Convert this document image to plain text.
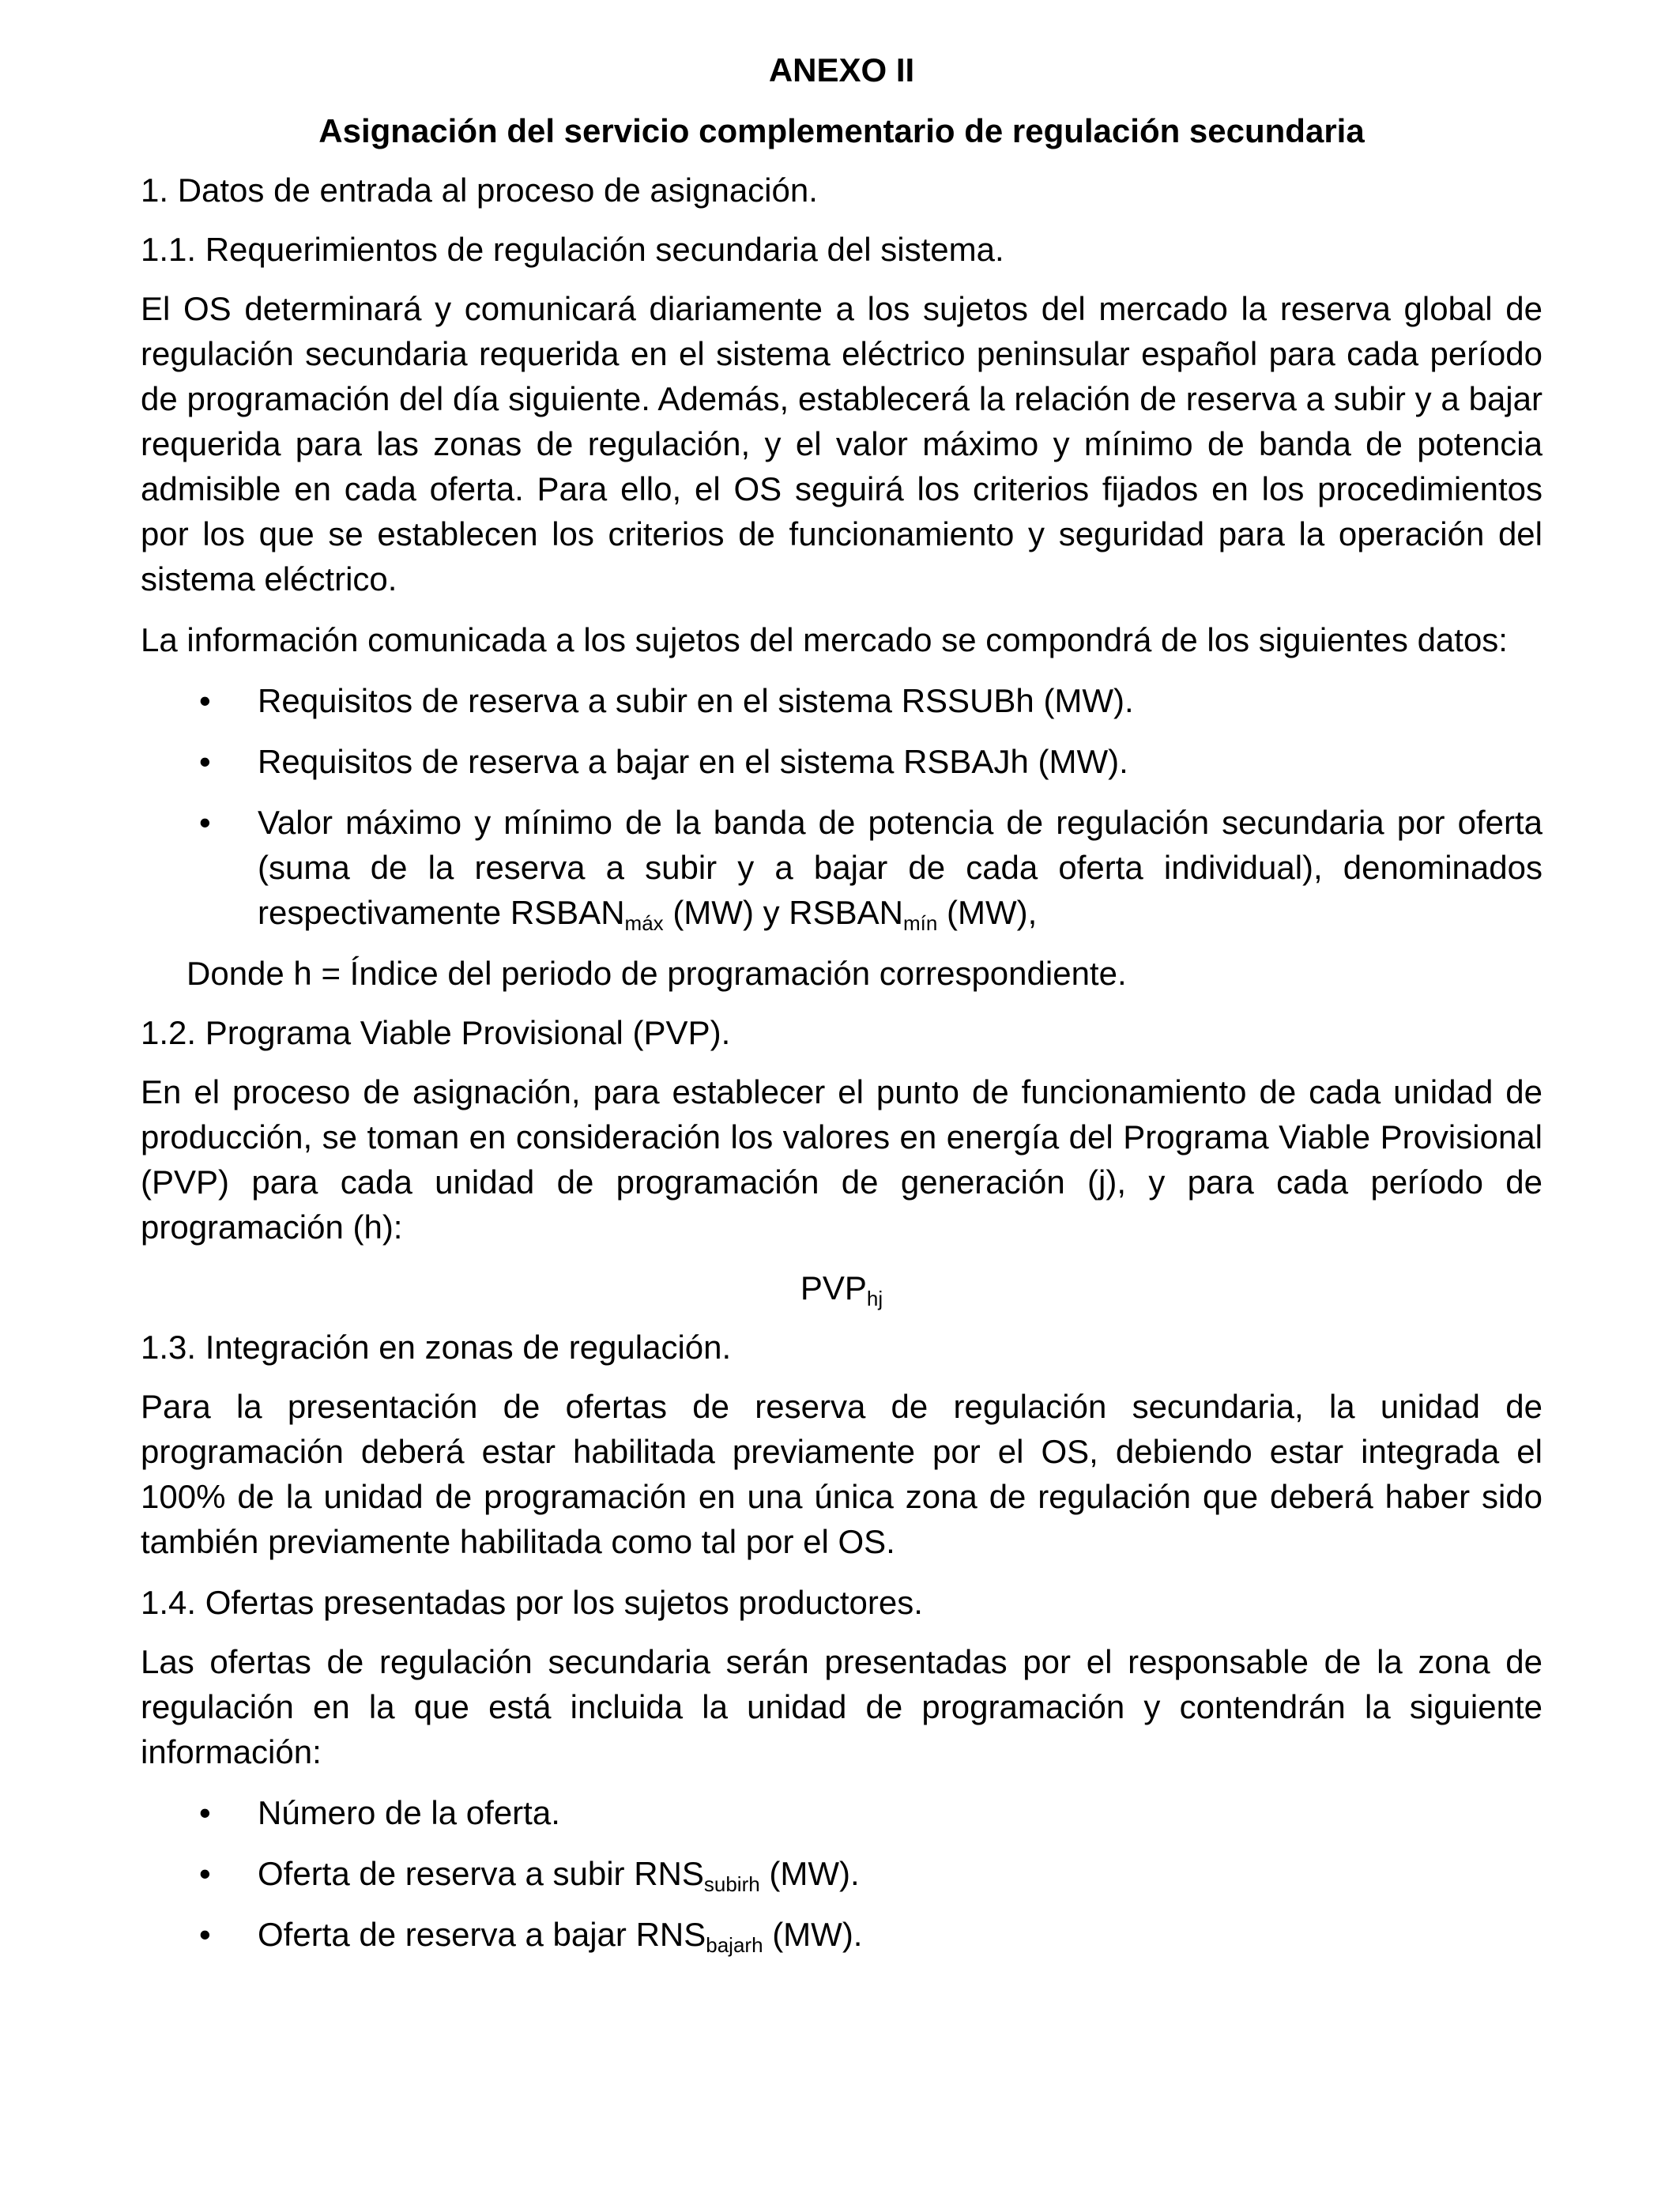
ANEXO II

Asignación del servicio complementario de regulación secundaria

1. Datos de entrada al proceso de asignación.

1.1. Requerimientos de regulación secundaria del sistema.

El OS determinará y comunicará diariamente a los sujetos del mercado la reserva global de regulación secundaria requerida en el sistema eléctrico peninsular español para cada período de programación del día siguiente. Además, establecerá la relación de reserva a subir y a bajar requerida para las zonas de regulación, y el valor máximo y mínimo de banda de potencia admisible en cada oferta. Para ello, el OS seguirá los criterios fijados en los procedimientos por los que se establecen los criterios de funcionamiento y seguridad para la operación del sistema eléctrico.

La información comunicada a los sujetos del mercado se compondrá de los siguientes datos:

• Requisitos de reserva a subir en el sistema RSSUBh (MW).
• Requisitos de reserva a bajar en el sistema RSBAJh (MW).
• Valor máximo y mínimo de la banda de potencia de regulación secundaria por oferta (suma de la reserva a subir y a bajar de cada oferta individual), denominados respectivamente $RSBAN_{máx}$ (MW) y $RSBAN_{mín}$ (MW),

Donde h = Índice del periodo de programación correspondiente.

1.2. Programa Viable Provisional (PVP).

En el proceso de asignación, para establecer el punto de funcionamiento de cada unidad de producción, se toman en consideración los valores en energía del Programa Viable Provisional (PVP) para cada unidad de programación de generación (j), y para cada período de programación (h):

$PVP_{hj}$

1.3. Integración en zonas de regulación.

Para la presentación de ofertas de reserva de regulación secundaria, la unidad de programación deberá estar habilitada previamente por el OS, debiendo estar integrada el 100% de la unidad de programación en una única zona de regulación que deberá haber sido también previamente habilitada como tal por el OS.

1.4. Ofertas presentadas por los sujetos productores.

Las ofertas de regulación secundaria serán presentadas por el responsable de la zona de regulación en la que está incluida la unidad de programación y contendrán la siguiente información:

• Número de la oferta.
• Oferta de reserva a subir $RNS_{subirh}$ (MW).
• Oferta de reserva a bajar $RNS_{bajarh}$ (MW).
